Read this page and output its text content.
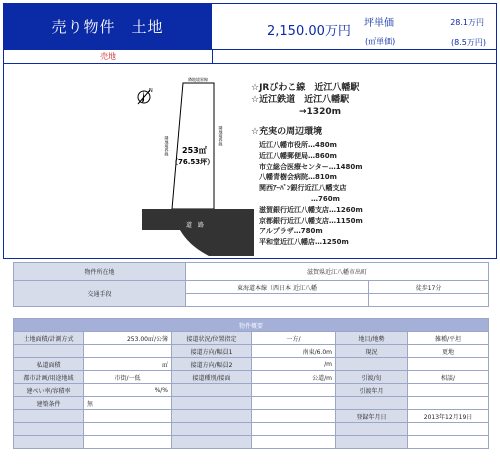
売り物件　土地	2,150.00万円
坪単価
(㎡単価)
28.1万円
(8.5万円)
売地
N
道　路
隣地境界線
隣地境界線	隣地境界線
253㎡
（76.53坪）
☆JRびわこ線　近江八幡駅
☆近江鉄道　近江八幡駅
→1320m
☆充実の周辺環境
近江八幡市役所…480m
近江八幡郵便局…860m
市立総合医療センター…1480m
八幡青樹会病院…810m
関西ｱｰﾊﾞﾝ銀行近江八幡支店
…760m
滋賀銀行近江八幡支店…1260m
京都銀行近江八幡支店…1150m
アルプラザ…780m
平和堂近江八幡店…1250m
物件所在地	滋賀県近江八幡市出町	
交通手段	東海道本線（西日本 近江八幡	徒歩17分

物件概要					
土地面積/計測方式	253.00㎡/公簿	接道状況/位置指定	一方/	地目/地勢	雑種/平坦
		接道方向/幅員1	南東/6.0m	現況	更地
私道面積	㎡	接道方向/幅員2	/m		
都市計画/用途地域	市街/一低	接道種別/接面	公道/m	引渡/旬	相談/
建ぺい率/容積率	%/%			引渡年月	
建築条件	無				
				登録年月日	2013年12月19日
